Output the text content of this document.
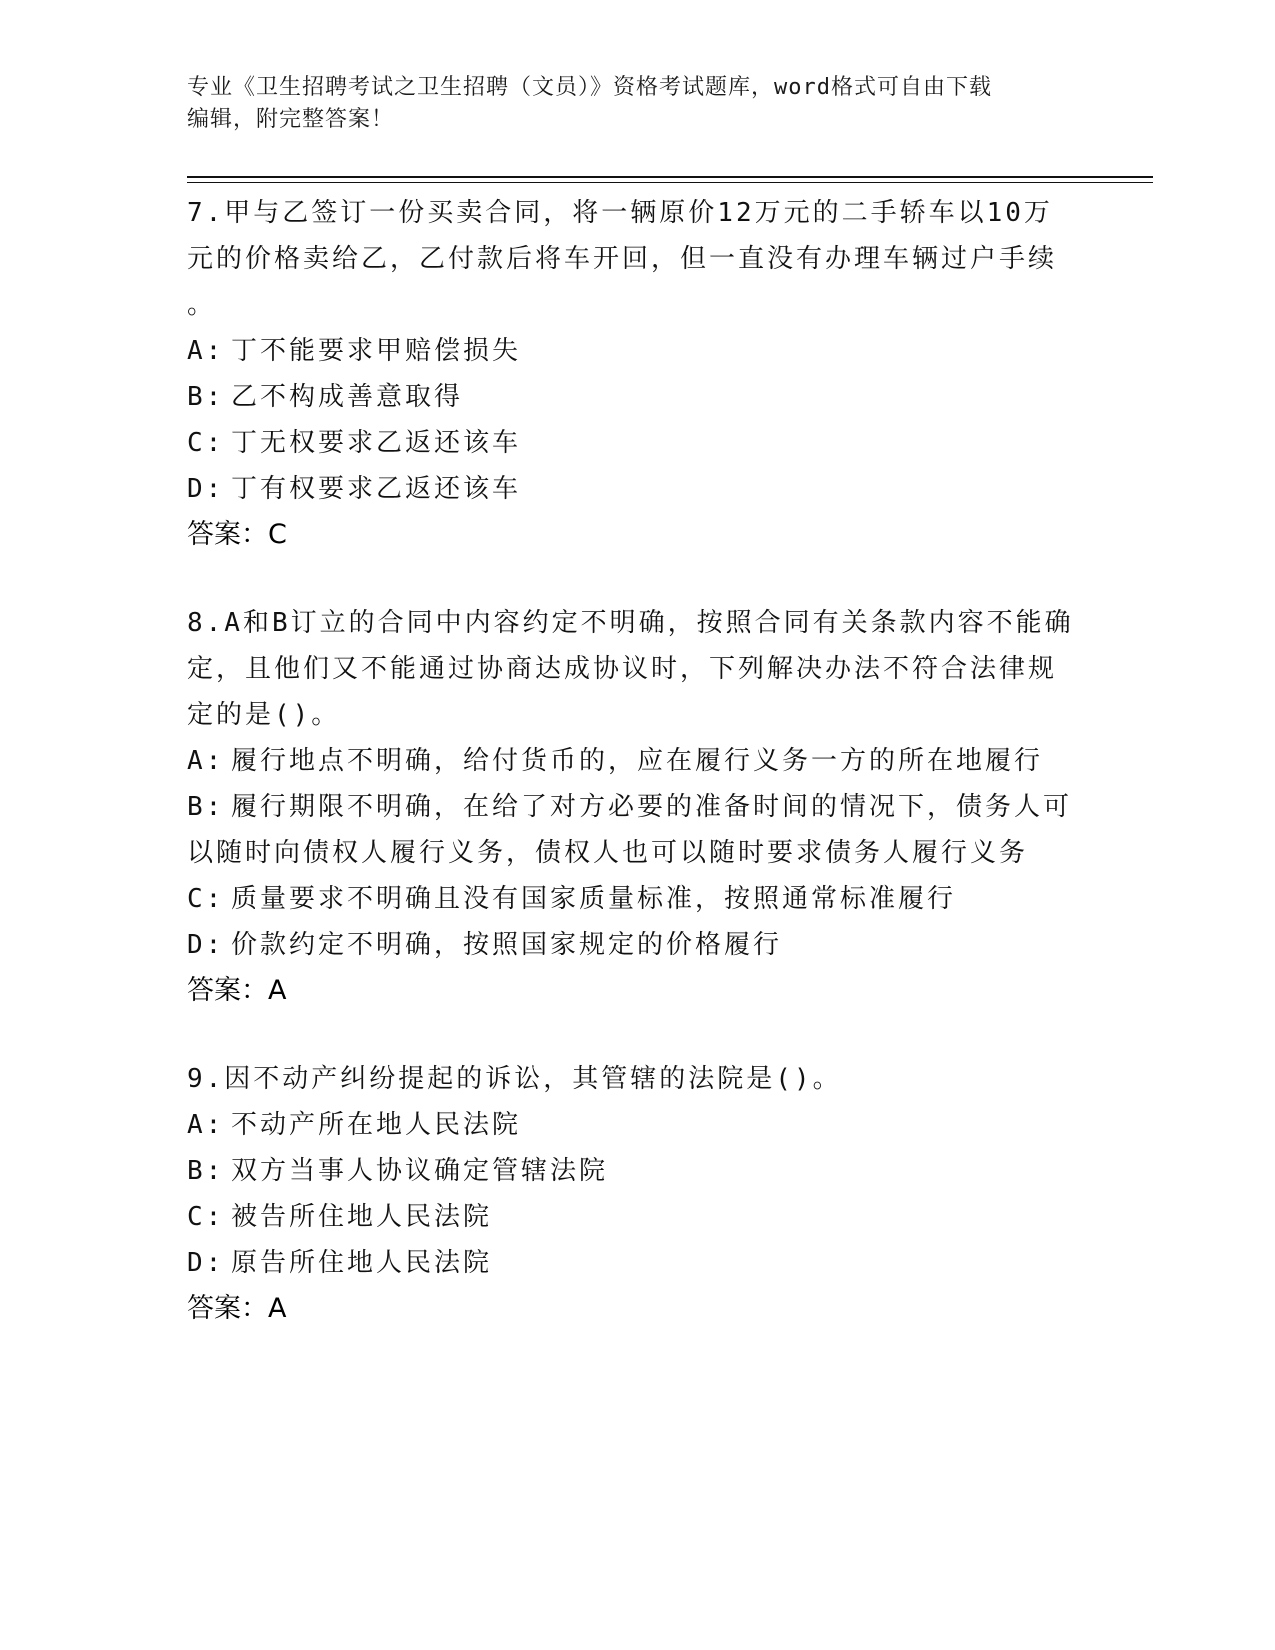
专业《卫生招聘考试之卫生招聘（文员）》资格考试题库，word格式可自由下载
编辑，附完整答案！

7.甲与乙签订一份买卖合同，将一辆原价12万元的二手轿车以10万
元的价格卖给乙，乙付款后将车开回，但一直没有办理车辆过户手续
。

A: 丁不能要求甲赔偿损失

B: 乙不构成善意取得

C: 丁无权要求乙返还该车

D: 丁有权要求乙返还该车

答案：C

8.A和B订立的合同中内容约定不明确，按照合同有关条款内容不能确
定，且他们又不能通过协商达成协议时，下列解决办法不符合法律规
定的是()。

A: 履行地点不明确，给付货币的，应在履行义务一方的所在地履行

B: 履行期限不明确，在给了对方必要的准备时间的情况下，债务人可以随时向债权人履行义务，债权人也可以随时要求债务人履行义务

C: 质量要求不明确且没有国家质量标准，按照通常标准履行

D: 价款约定不明确，按照国家规定的价格履行

答案：A

9.因不动产纠纷提起的诉讼，其管辖的法院是()。

A: 不动产所在地人民法院

B: 双方当事人协议确定管辖法院

C: 被告所住地人民法院

D: 原告所住地人民法院

答案：A
